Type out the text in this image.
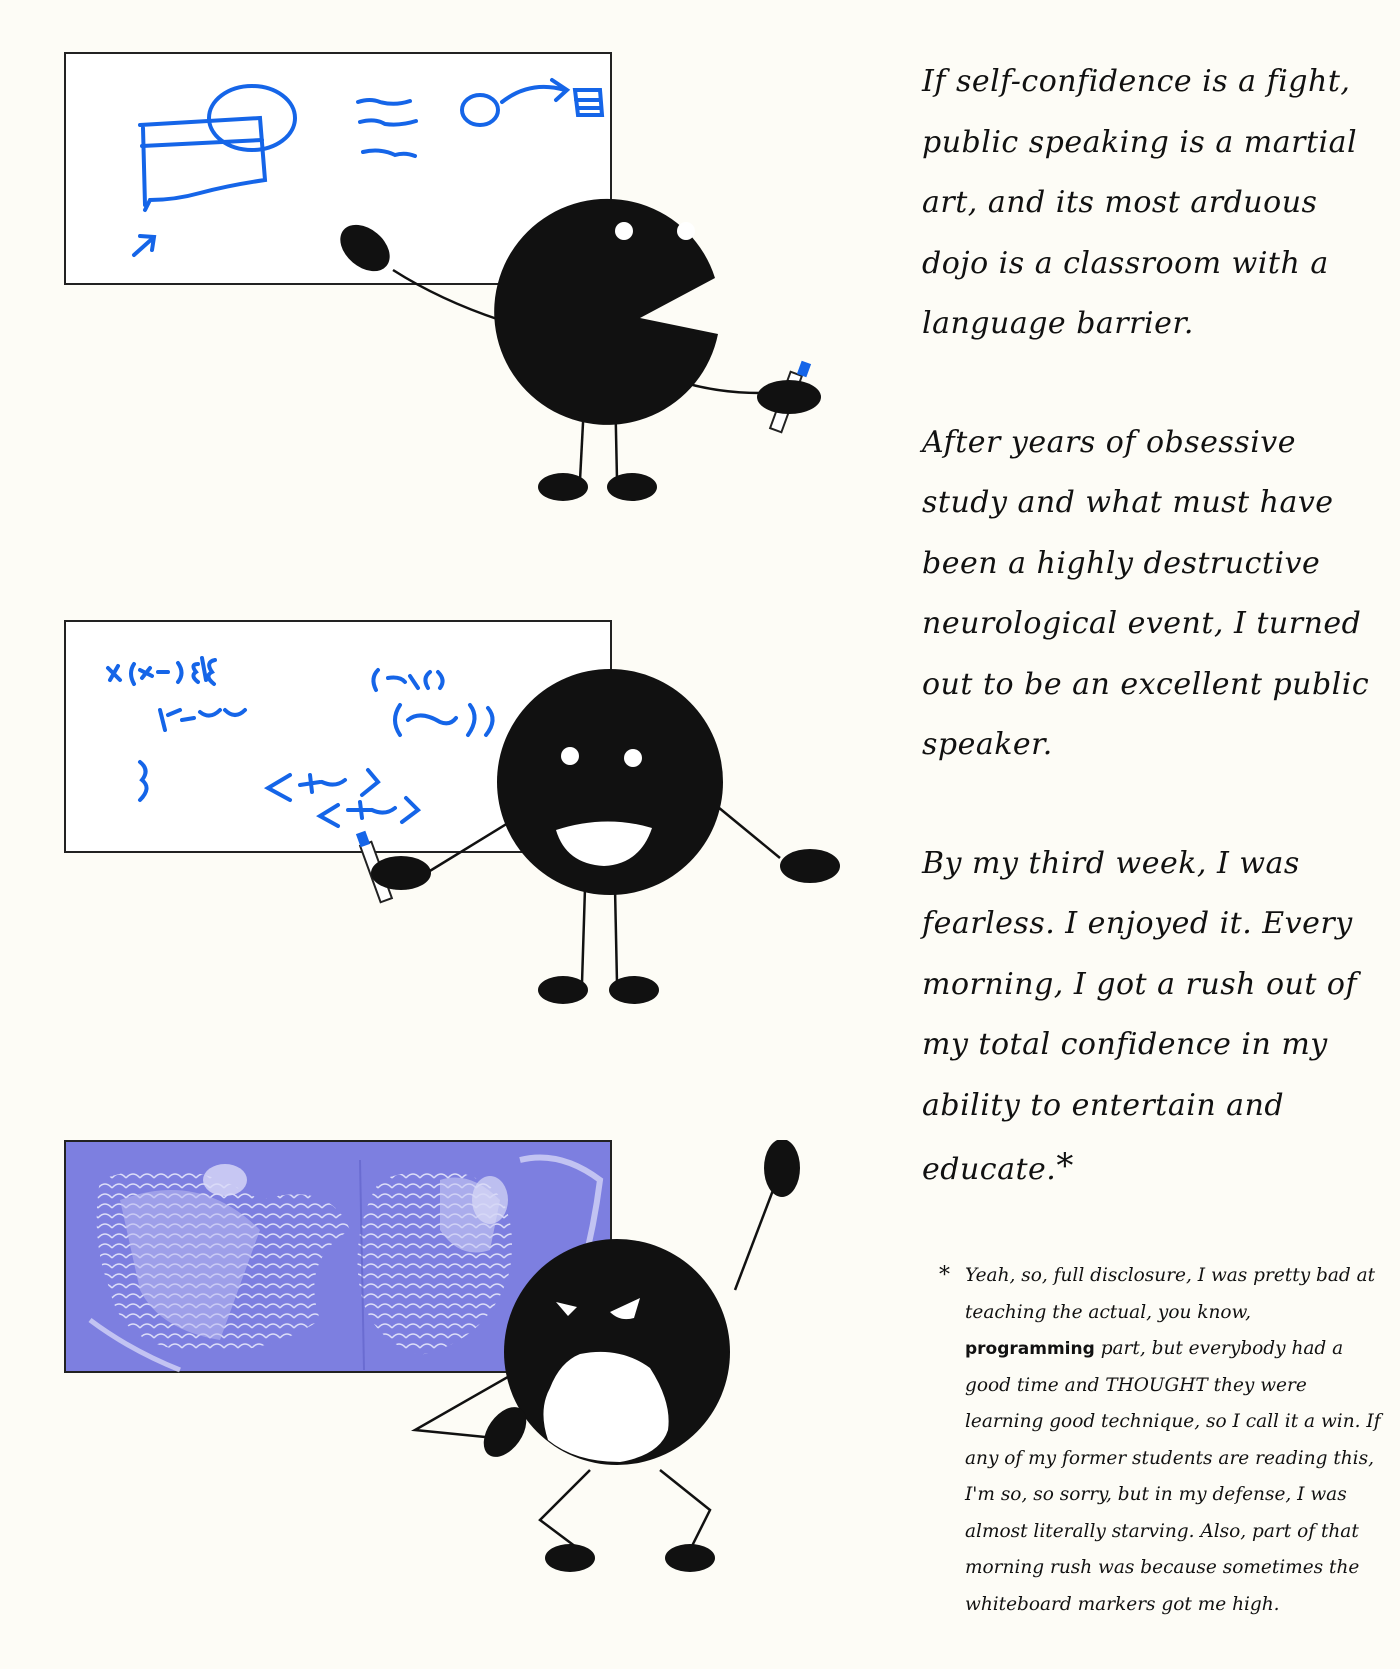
If self-confidence is a fight, public speaking is a martial art, and its most arduous dojo is a classroom with a language barrier.

After years of obsessive study and what must have been a highly destructive neurological event, I turned out to be an excellent public speaker.

By my third week, I was fearless. I enjoyed it. Every morning, I got a rush out of my total confidence in my ability to entertain and educate.*

* Yeah, so, full disclosure, I was pretty bad at teaching the actual, you know, programming part, but everybody had a good time and THOUGHT they were learning good technique, so I call it a win. If any of my former students are reading this, I'm so, so sorry, but in my defense, I was almost literally starving. Also, part of that morning rush was because sometimes the whiteboard markers got me high.
